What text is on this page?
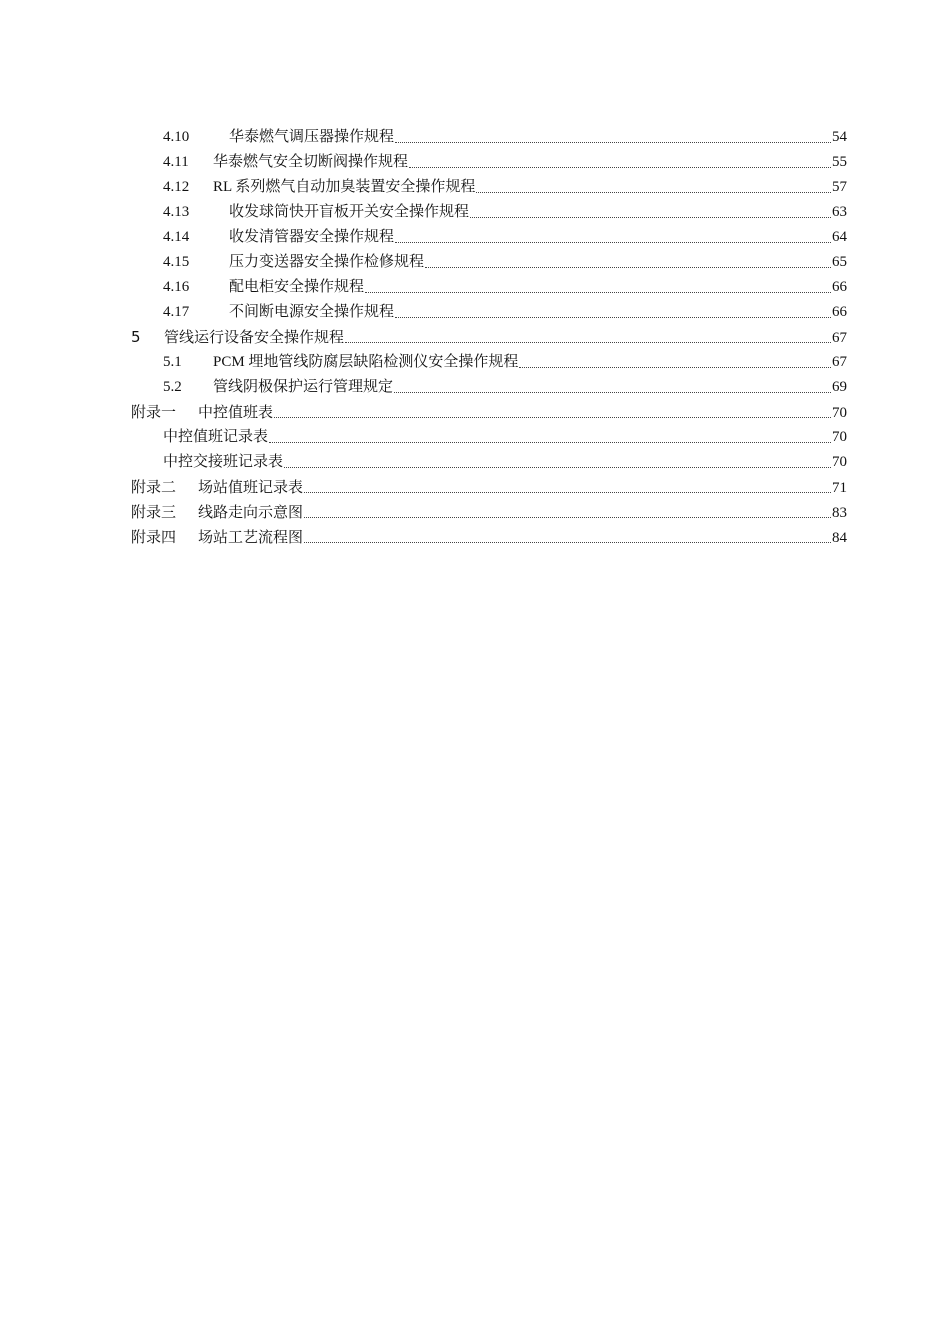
4.10	华泰燃气调压器操作规程	54
4.11	华泰燃气安全切断阀操作规程	55
4.12	RL 系列燃气自动加臭装置安全操作规程	57
4.13	收发球筒快开盲板开关安全操作规程	63
4.14	收发清管器安全操作规程	64
4.15	压力变送器安全操作检修规程	65
4.16	配电柜安全操作规程	66
4.17	不间断电源安全操作规程	66
5	管线运行设备安全操作规程	67
5.1	PCM 埋地管线防腐层缺陷检测仪安全操作规程	67
5.2	管线阴极保护运行管理规定	69
附录一	中控值班表	70
中控值班记录表	70
中控交接班记录表	70
附录二	场站值班记录表	71
附录三	线路走向示意图	83
附录四	场站工艺流程图	84
